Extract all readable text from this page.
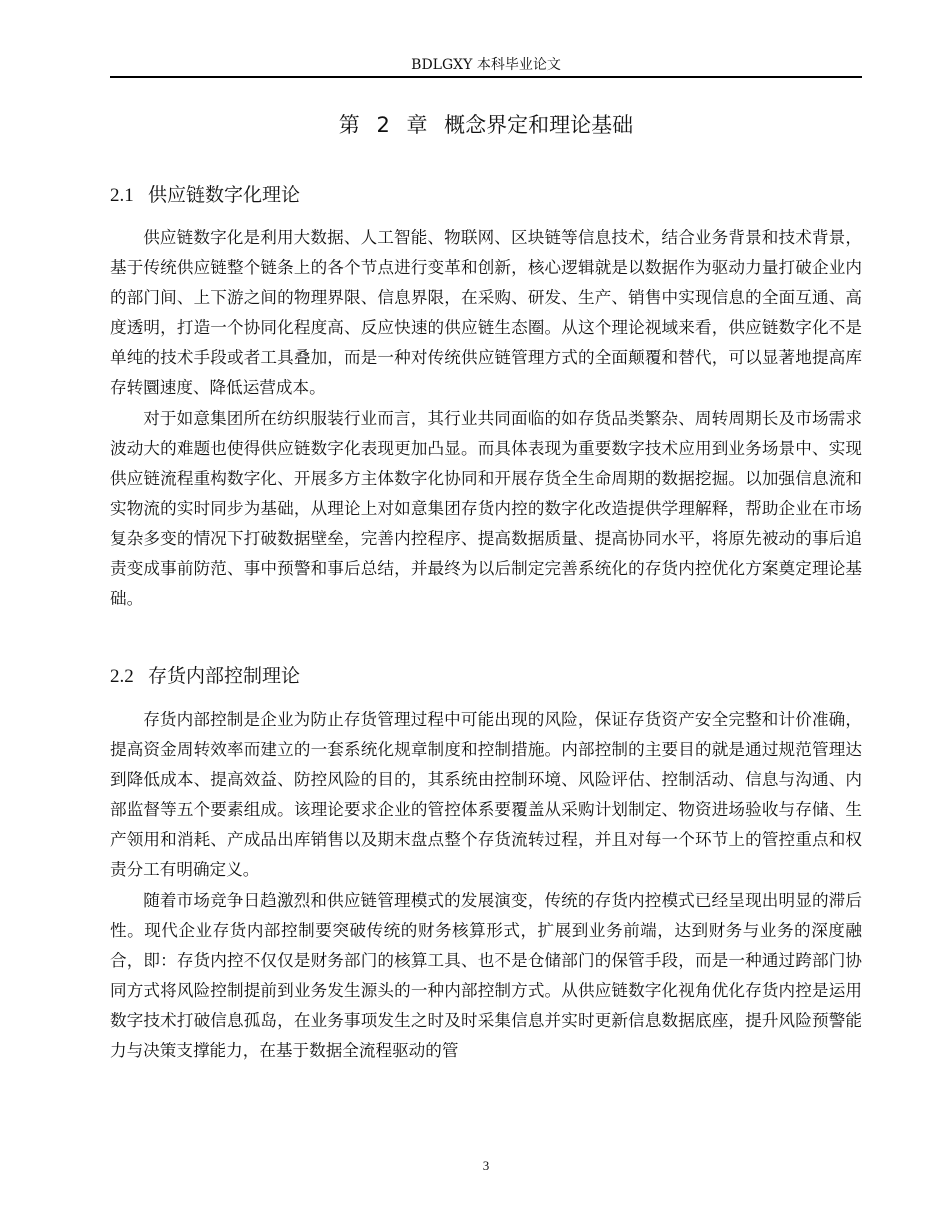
BDLGXY 本科毕业论文
第 2 章 概念界定和理论基础
2.1 供应链数字化理论

供应链数字化是利用大数据、人工智能、物联网、区块链等信息技术，结合业务背景和技术背景，基于传统供应链整个链条上的各个节点进行变革和创新，核心逻辑就是以数据作为驱动力量打破企业内的部门间、上下游之间的物理界限、信息界限，在采购、研发、生产、销售中实现信息的全面互通、高度透明，打造一个协同化程度高、反应快速的供应链生态圈。从这个理论视域来看，供应链数字化不是单纯的技术手段或者工具叠加，而是一种对传统供应链管理方式的全面颠覆和替代，可以显著地提高库存转圜速度、降低运营成本。

对于如意集团所在纺织服装行业而言，其行业共同面临的如存货品类繁杂、周转周期长及市场需求波动大的难题也使得供应链数字化表现更加凸显。而具体表现为重要数字技术应用到业务场景中、实现供应链流程重构数字化、开展多方主体数字化协同和开展存货全生命周期的数据挖掘。以加强信息流和实物流的实时同步为基础，从理论上对如意集团存货内控的数字化改造提供学理解释，帮助企业在市场复杂多变的情况下打破数据壁垒，完善内控程序、提高数据质量、提高协同水平，将原先被动的事后追责变成事前防范、事中预警和事后总结，并最终为以后制定完善系统化的存货内控优化方案奠定理论基础。

2.2 存货内部控制理论

存货内部控制是企业为防止存货管理过程中可能出现的风险，保证存货资产安全完整和计价准确，提高资金周转效率而建立的一套系统化规章制度和控制措施。内部控制的主要目的就是通过规范管理达到降低成本、提高效益、防控风险的目的，其系统由控制环境、风险评估、控制活动、信息与沟通、内部监督等五个要素组成。该理论要求企业的管控体系要覆盖从采购计划制定、物资进场验收与存储、生产领用和消耗、产成品出库销售以及期末盘点整个存货流转过程，并且对每一个环节上的管控重点和权责分工有明确定义。

随着市场竞争日趋激烈和供应链管理模式的发展演变，传统的存货内控模式已经呈现出明显的滞后性。现代企业存货内部控制要突破传统的财务核算形式，扩展到业务前端，达到财务与业务的深度融合，即：存货内控不仅仅是财务部门的核算工具、也不是仓储部门的保管手段，而是一种通过跨部门协同方式将风险控制提前到业务发生源头的一种内部控制方式。从供应链数字化视角优化存货内控是运用数字技术打破信息孤岛，在业务事项发生之时及时采集信息并实时更新信息数据底座，提升风险预警能力与决策支撑能力，在基于数据全流程驱动的管

3
